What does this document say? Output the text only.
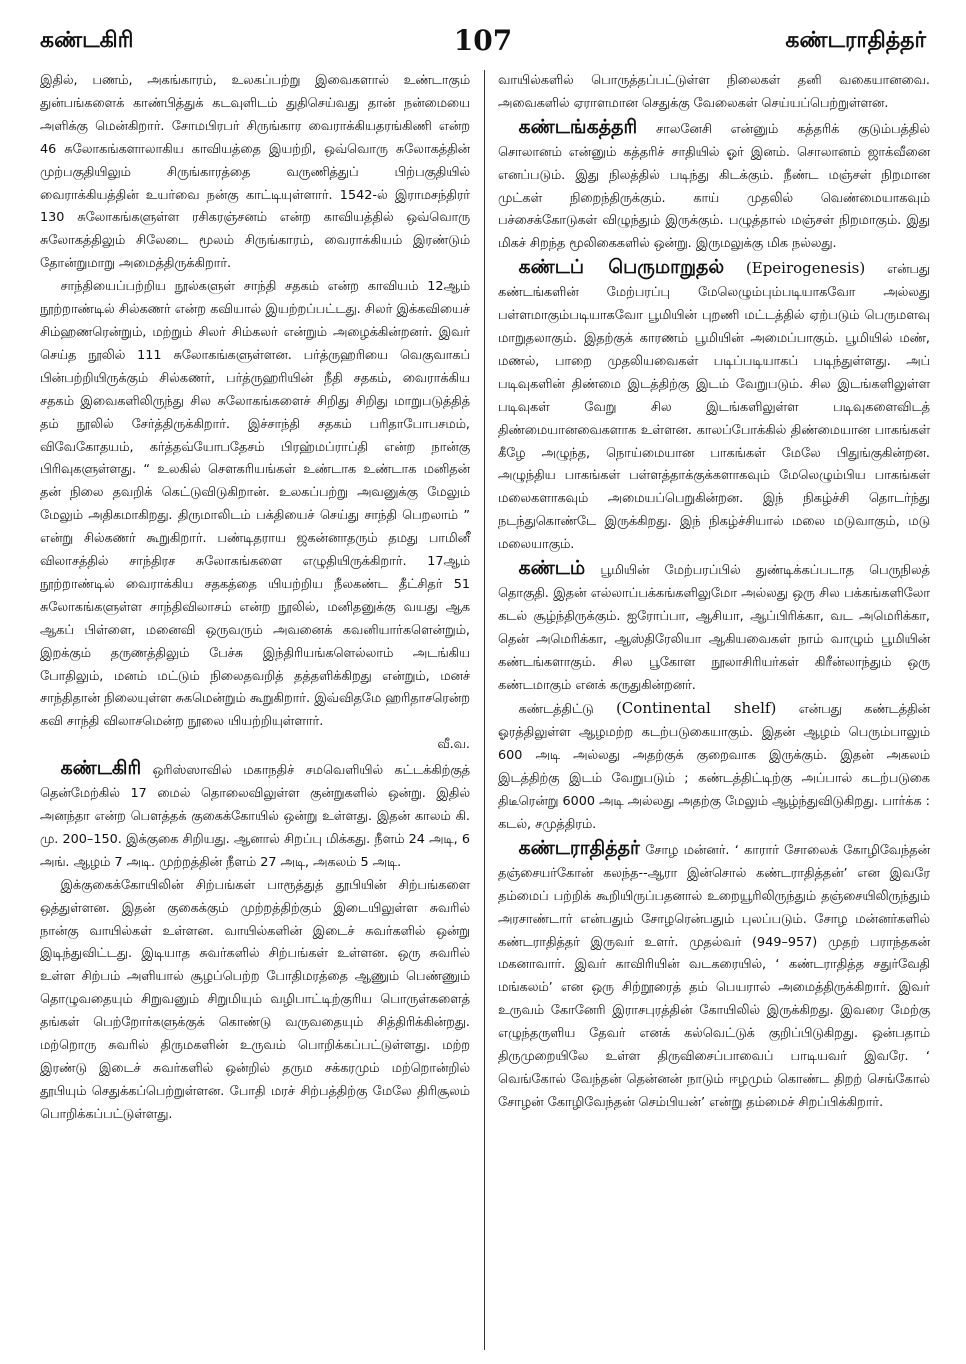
கண்டகிரி	107	கண்டராதித்தர்

இதில், பணம், அகங்காரம், உலகப்பற்று இவைகளால் உண்டாகும் துன்பங்களைக் காண்பித்துக் கடவுளிடம் துதிசெய்வது தான் நன்மையை அளிக்கு மென்கிறார். சோமபிரபர் சிருங்கார வைராக்கியதரங்கிணி என்ற 46 சுலோகங்களாலாகிய காவியத்தை இயற்றி, ஒவ்வொரு சுலோகத்தின் முற்பகுதியிலும் சிருங்காரத்தை வருணித்துப் பிற்பகுதியில் வைராக்கியத்தின் உயர்வை நன்கு காட்டியுள்ளார். 1542-ல் இராமசந்திரர் 130 சுலோகங்களுள்ள ரசிகரஞ்சனம் என்ற காவியத்தில் ஒவ்வொரு சுலோகத்திலும் சிலேடை மூலம் சிருங்காரம், வைராக்கியம் இரண்டும் தோன்றுமாறு அமைத்திருக்கிறார்.

சாந்தியைப்பற்றிய நூல்களுள் சாந்தி சதகம் என்ற காவியம் 12ஆம் நூற்றாண்டில் சில்கணர் என்ற கவியால் இயற்றப்பட்டது. சிலர் இக்கவியைச் சிம்ஹணரென்றும், மற்றும் சிலர் சிம்கலர் என்றும் அழைக்கின்றனர். இவர் செய்த நூலில் 111 சுலோகங்களுள்ளன. பர்த்ருஹரியை வெகுவாகப் பின்பற்றியிருக்கும் சில்கணர், பர்த்ருஹரியின் நீதி சதகம், வைராக்கிய சதகம் இவைகளிலிருந்து சில சுலோகங்களைச் சிறிது சிறிது மாறுபடுத்தித் தம் நூலில் சேர்த்திருக்கிறார். இச்சாந்தி சதகம் பரிதாபோபசமம், விவேகோதயம், கர்த்தவ்யோபதேசம் பிரஹ்மப்ராப்தி என்ற நான்கு பிரிவுகளுள்ளது. “ உலகில் சௌகரியங்கள் உண்டாக உண்டாக மனிதன் தன் நிலை தவறிக் கெட்டுவிடுகிறான். உலகப்பற்று அவனுக்கு மேலும் மேலும் அதிகமாகிறது. திருமாலிடம் பக்தியைச் செய்து சாந்தி பெறலாம் ” என்று சில்கணர் கூறுகிறார். பண்டிதராய ஜகன்னாதரும் தமது பாமினீ விலாசத்தில் சாந்திரச சுலோகங்களை எழுதியிருக்கிறார். 17ஆம் நூற்றாண்டில் வைராக்கிய சதகத்தை யியற்றிய நீலகண்ட தீட்சிதர் 51 சுலோகங்களுள்ள சாந்திவிலாசம் என்ற நூலில், மனிதனுக்கு வயது ஆக ஆகப் பிள்ளை, மனைவி ஒருவரும் அவனைக் கவனியார்களென்றும், இறக்கும் தருணத்திலும் பேச்சு இந்திரியங்களெல்லாம் அடங்கிய போதிலும், மனம் மட்டும் நிலைதவறித் தத்தளிக்கிறது என்றும், மனச் சாந்திதான் நிலையுள்ள சுகமென்றும் கூறுகிறார். இவ்விதமே ஹரிதாசரென்ற கவி சாந்தி விலாசமென்ற நூலை யியற்றியுள்ளார்.

வீ.வ.

கண்டகிரி ஒரிஸ்ஸாவில் மகாநதிச் சமவெளியில் கட்டக்கிற்குத் தென்மேற்கில் 17 மைல் தொலைவிலுள்ள குன்றுகளில் ஒன்று. இதில் அனந்தா என்ற பௌத்தக் குகைக்கோயில் ஒன்று உள்ளது. இதன் காலம் கி. மு. 200–150. இக்குகை சிறியது. ஆனால் சிறப்பு மிக்கது. நீளம் 24 அடி, 6 அங். ஆழம் 7 அடி. முற்றத்தின் நீளம் 27 அடி, அகலம் 5 அடி.

இக்குகைக்கோயிலின் சிற்பங்கள் பாரூத்துத் தூபியின் சிற்பங்களை ஒத்துள்ளன. இதன் குகைக்கும் முற்றத்திற்கும் இடையிலுள்ள சுவரில் நான்கு வாயில்கள் உள்ளன. வாயில்களின் இடைச் சுவர்களில் ஒன்று இடிந்துவிட்டது. இடியாத சுவர்களில் சிற்பங்கள் உள்ளன. ஒரு சுவரில் உள்ள சிற்பம் அளியால் சூழப்பெற்ற போதிமரத்தை ஆணும் பெண்ணும் தொழுவதையும் சிறுவனும் சிறுமியும் வழிபாட்டிற்குரிய பொருள்களைத் தங்கள் பெற்றோர்களுக்குக் கொண்டு வருவதையும் சித்திரிக்கின்றது. மற்றொரு சுவரில் திருமகளின் உருவம் பொறிக்கப்பட்டுள்ளது. மற்ற இரண்டு இடைச் சுவர்களில் ஒன்றில் தரும சக்கரமும் மற்றொன்றில் தூபியும் செதுக்கப்பெற்றுள்ளன. போதி மரச் சிற்பத்திற்கு மேலே திரிசூலம் பொறிக்கப்பட்டுள்ளது.

வாயில்களில் பொருத்தப்பட்டுள்ள நிலைகள் தனி வகையானவை. அவைகளில் ஏராளமான செதுக்கு வேலைகள் செய்யப்பெற்றுள்ளன.

கண்டங்கத்தரி சாலனேசி என்னும் கத்தரிக் குடும்பத்தில் சொலானம் என்னும் கத்தரிச் சாதியில் ஓர் இனம். சொலானம் ஜாக்வீனை எனப்படும். இது நிலத்தில் படிந்து கிடக்கும். நீண்ட மஞ்சள் நிறமான முட்கள் நிறைந்திருக்கும். காய் முதலில் வெண்மையாகவும் பச்சைக்கோடுகள் விழுந்தும் இருக்கும். பழுத்தால் மஞ்சள் நிறமாகும். இது மிகச் சிறந்த மூலிகைகளில் ஒன்று. இருமலுக்கு மிக நல்லது.

கண்டப் பெருமாறுதல் (Epeirogenesis) என்பது கண்டங்களின் மேற்பரப்பு மேலெழும்பும்படியாகவோ அல்லது பள்ளமாகும்படியாகவோ பூமியின் புறணி மட்டத்தில் ஏற்படும் பெருமளவு மாறுதலாகும். இதற்குக் காரணம் பூமியின் அமைப்பாகும். பூமியில் மண், மணல், பாறை முதலியவைகள் படிப்படியாகப் படிந்துள்ளது. அப் படிவுகளின் திண்மை இடத்திற்கு இடம் வேறுபடும். சில இடங்களிலுள்ள படிவுகள் வேறு சில இடங்களிலுள்ள படிவுகளைவிடத் திண்மையானவைகளாக உள்ளன. காலப்போக்கில் திண்மையான பாகங்கள் கீழே அழுந்த, நொய்மையான பாகங்கள் மேலே பிதுங்குகின்றன. அழுந்திய பாகங்கள் பள்ளத்தாக்குக்களாகவும் மேலெழும்பிய பாகங்கள் மலைகளாகவும் அமையப்பெறுகின்றன. இந் நிகழ்ச்சி தொடர்ந்து நடந்துகொண்டே இருக்கிறது. இந் நிகழ்ச்சியால் மலை மடுவாகும், மடு மலையாகும்.

கண்டம் பூமியின் மேற்பரப்பில் துண்டிக்கப்படாத பெருநிலத் தொகுதி. இதன் எல்லாப்பக்கங்களிலுமோ அல்லது ஒரு சில பக்கங்களிலோ கடல் சூழ்ந்திருக்கும். ஐரோப்பா, ஆசியா, ஆப்பிரிக்கா, வட அமெரிக்கா, தென் அமெரிக்கா, ஆஸ்திரேலியா ஆகியவைகள் நாம் வாழும் பூமியின் கண்டங்களாகும். சில பூகோள நூலாசிரியர்கள் கிரீன்லாந்தும் ஒரு கண்டமாகும் எனக் கருதுகின்றனர்.

கண்டத்திட்டு (Continental shelf) என்பது கண்டத்தின் ஓரத்திலுள்ள ஆழமற்ற கடற்படுகையாகும். இதன் ஆழம் பெரும்பாலும் 600 அடி அல்லது அதற்குக் குறைவாக இருக்கும். இதன் அகலம் இடத்திற்கு இடம் வேறுபடும் ; கண்டத்திட்டிற்கு அப்பால் கடற்படுகை திடீரென்று 6000 அடி அல்லது அதற்கு மேலும் ஆழ்ந்துவிடுகிறது. பார்க்க : கடல், சமுத்திரம்.

கண்டராதித்தர் சோழ மன்னர். ‘ காரார் சோலைக் கோழிவேந்தன் தஞ்சையர்கோன் கலந்த--ஆரா இன்சொல் கண்டராதித்தன்’ என இவரே தம்மைப் பற்றிக் கூறியிருப்பதனால் உறையூரிலிருந்தும் தஞ்சையிலிருந்தும் அரசாண்டார் என்பதும் சோழரென்பதும் புலப்படும். சோழ மன்னர்களில் கண்டராதித்தர் இருவர் உளர். முதல்வர் (949–957) முதற் பராந்தகன் மகனாவார். இவர் காவிரியின் வடகரையில், ‘ கண்டராதித்த சதுர்வேதி மங்கலம்’ என ஒரு சிற்றூரைத் தம் பெயரால் அமைத்திருக்கிறார். இவர் உருவம் கோனேரி இராசபுரத்தின் கோயிலில் இருக்கிறது. இவரை மேற்கு எழுந்தருளிய தேவர் எனக் கல்வெட்டுக் குறிப்பிடுகிறது. ஒன்பதாம் திருமுறையிலே உள்ள திருவிசைப்பாவைப் பாடியவர் இவரே. ‘ வெங்கோல் வேந்தன் தென்னன் நாடும் ஈழமும் கொண்ட திறற் செங்கோல் சோழன் கோழிவேந்தன் செம்பியன்’ என்று தம்மைச் சிறப்பிக்கிறார்.
